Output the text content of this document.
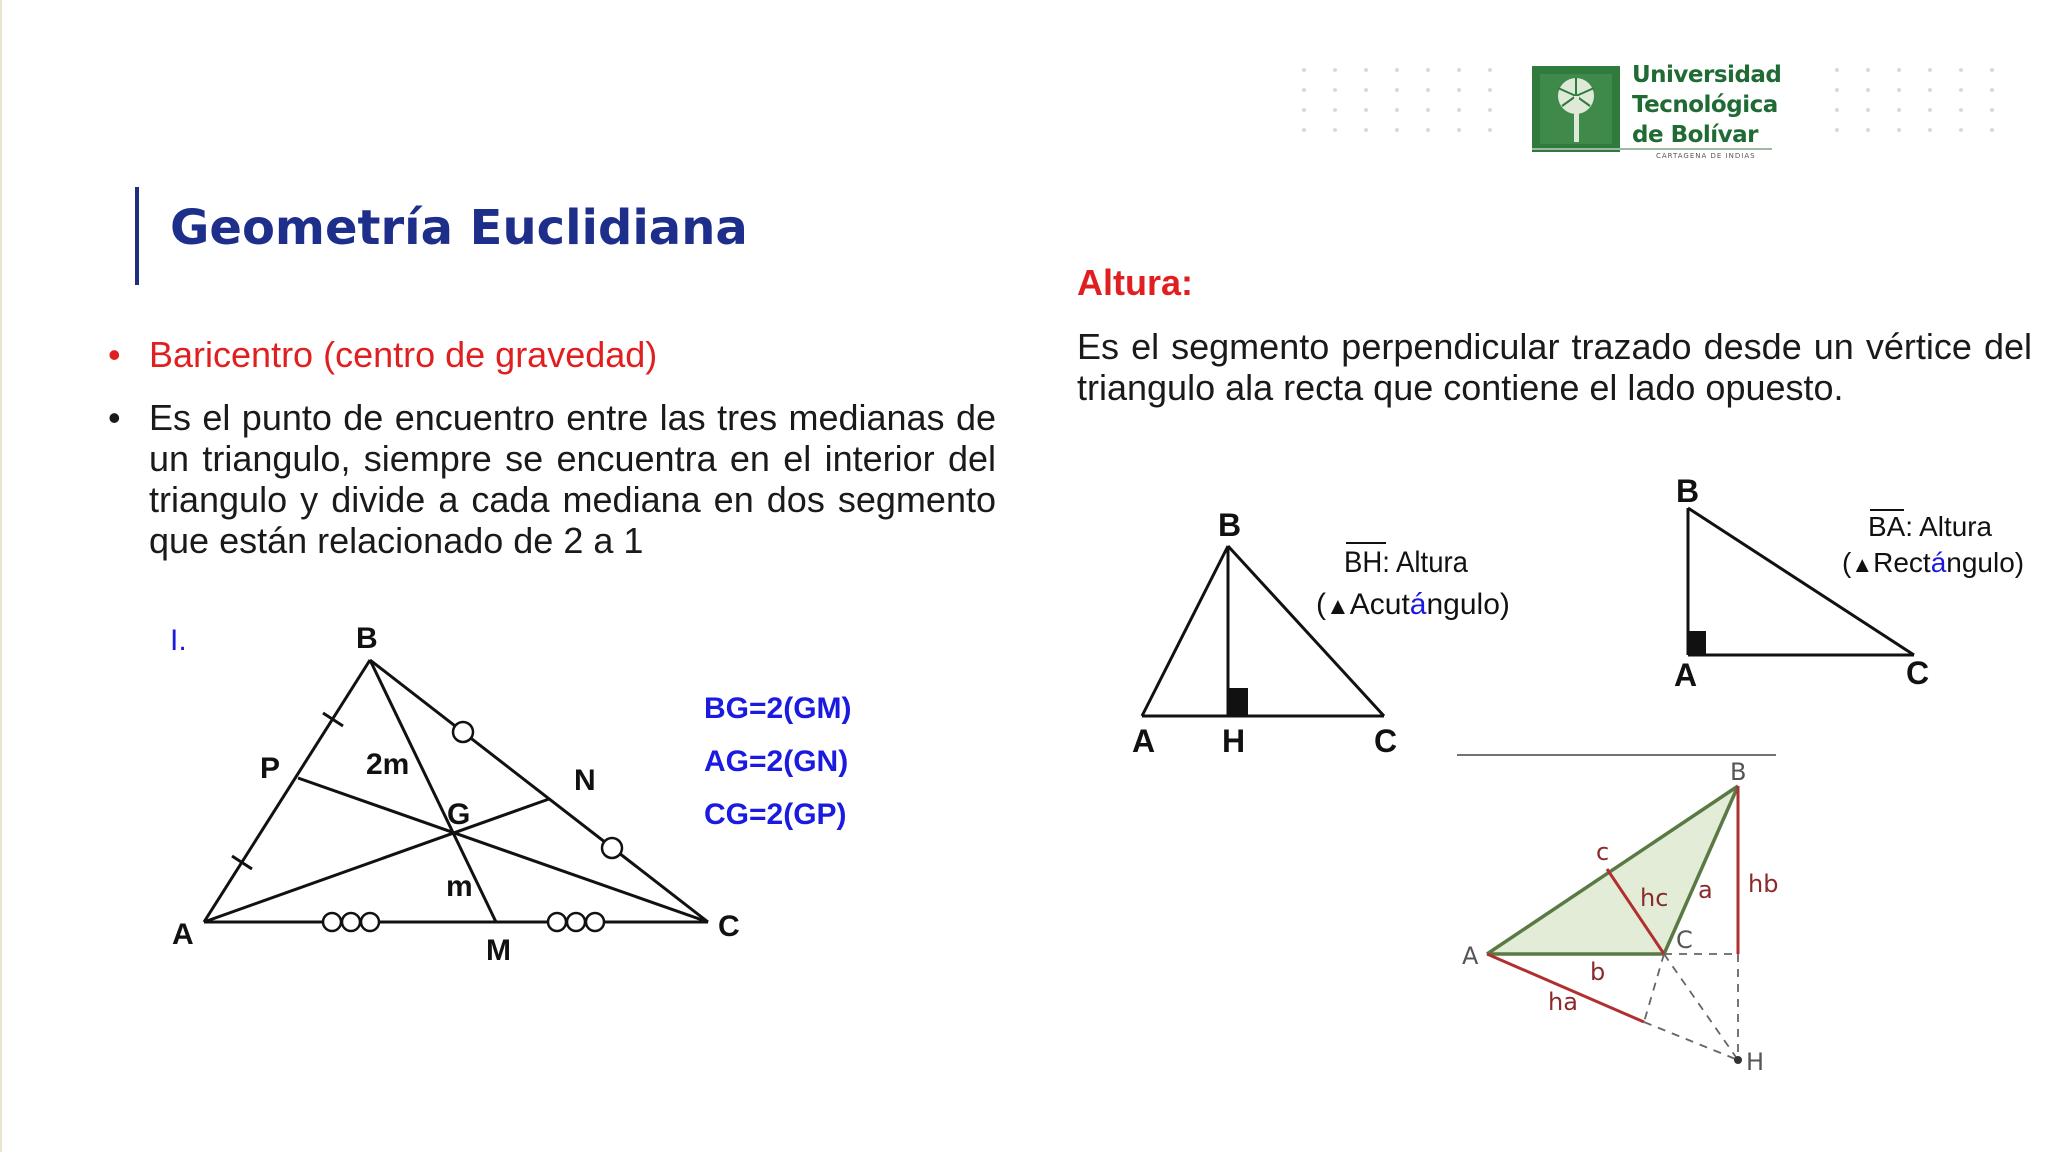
Universidad
Tecnológica
de Bolívar
CARTAGENA DE INDIAS
Geometría Euclidiana
• Baricentro (centro de gravedad)
• Es el punto de encuentro entre las tres medianas de un triangulo, siempre se encuentra en el interior del triangulo y divide a cada mediana en dos segmento que están relacionado de 2 a 1
Altura:

Es el segmento perpendicular trazado desde un vértice del triangulo ala recta que contiene el lado opuesto.

I.
A
B
C
P	N
M
G
2m
m
BG=2(GM)
AG=2(GN)
CG=2(GP)
A
B
C
H
BH: Altura
(▲Acutángulo)
A
B
C
BA: Altura
(▲Rectángulo)
A
B
C
H
a
b
c
ha
hb
hc
